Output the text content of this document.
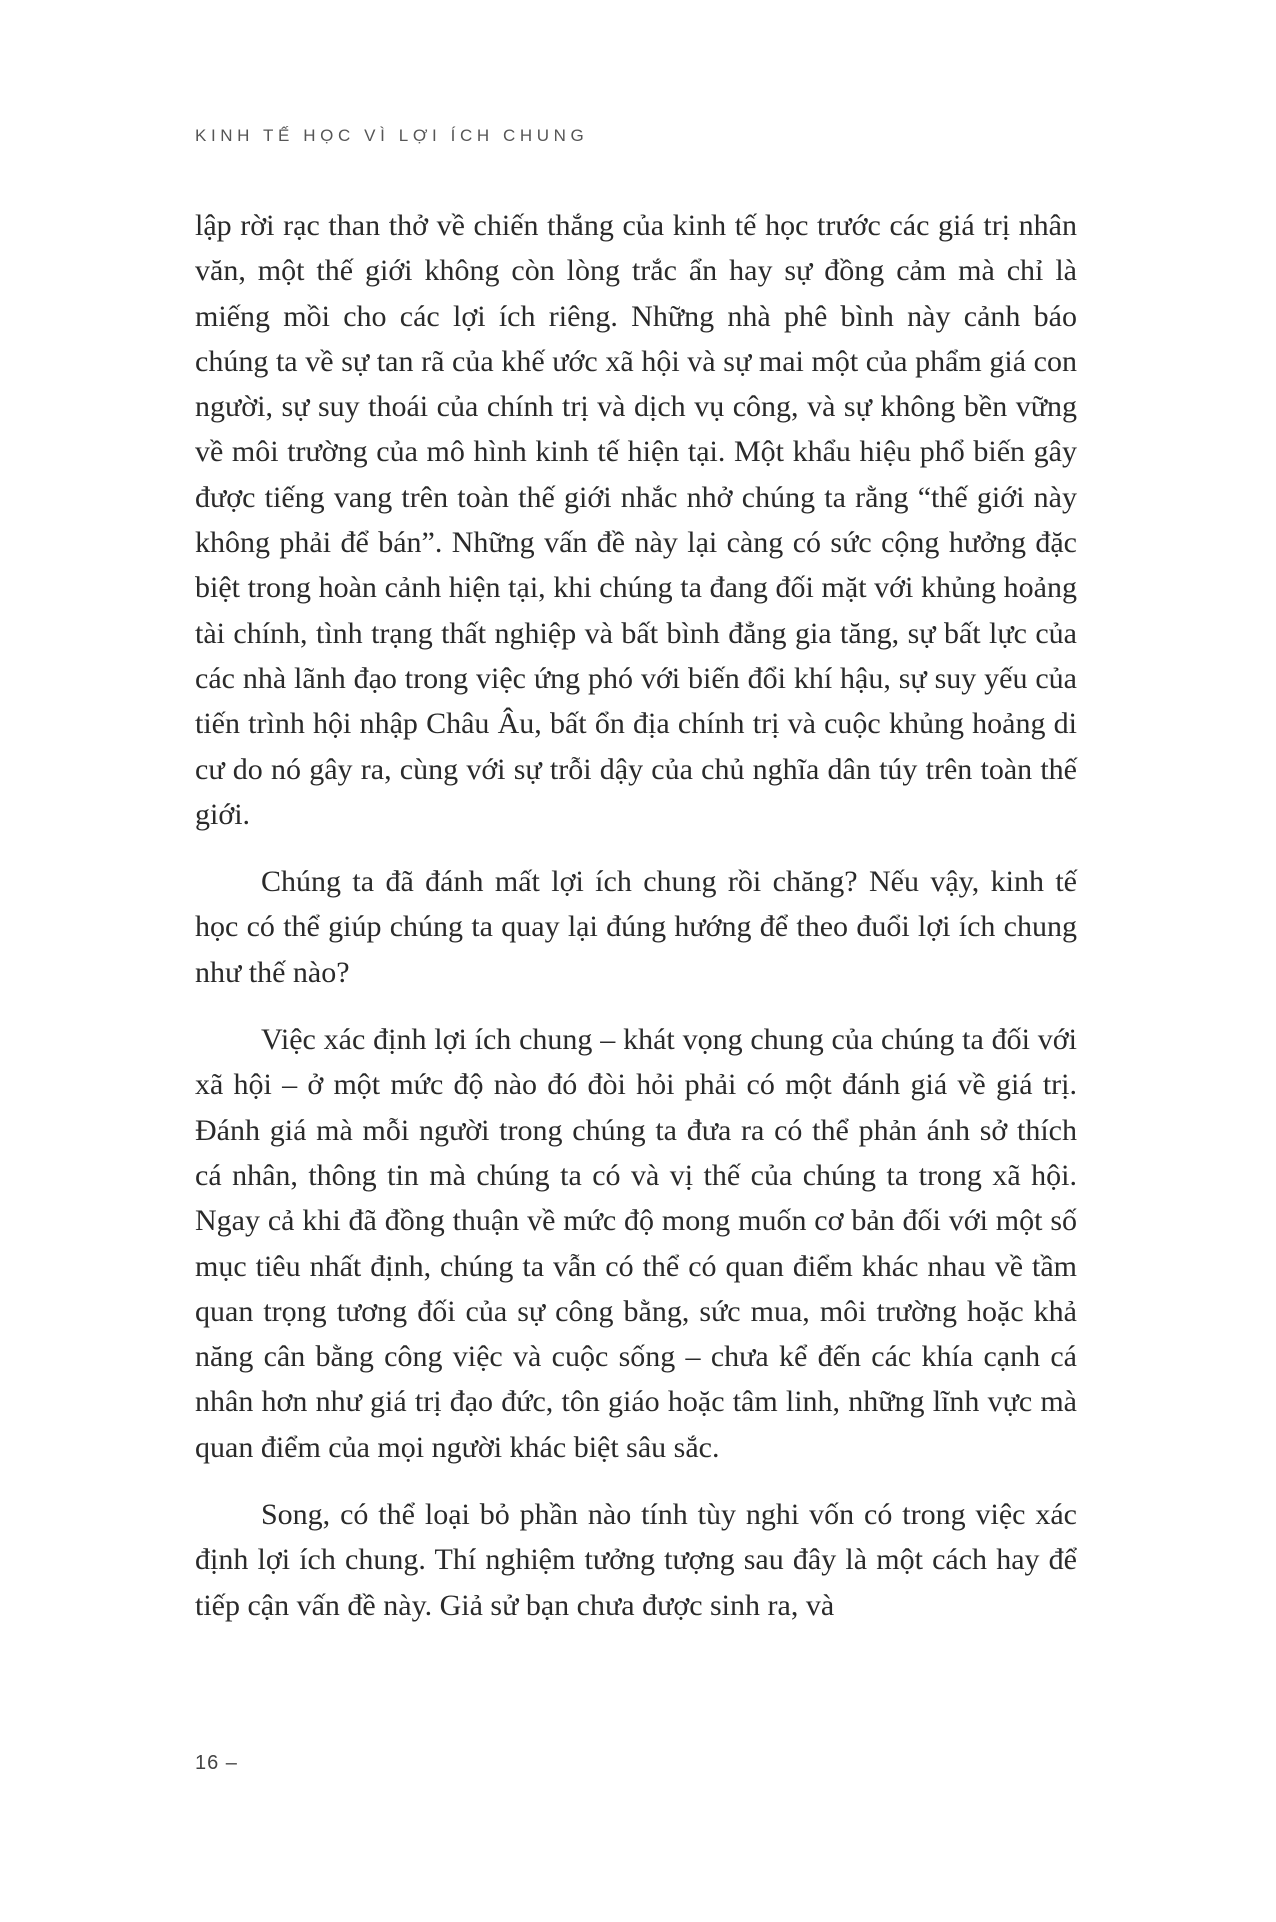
KINH TẾ HỌC VÌ LỢI ÍCH CHUNG

lập rời rạc than thở về chiến thắng của kinh tế học trước các giá trị nhân văn, một thế giới không còn lòng trắc ẩn hay sự đồng cảm mà chỉ là miếng mồi cho các lợi ích riêng. Những nhà phê bình này cảnh báo chúng ta về sự tan rã của khế ước xã hội và sự mai một của phẩm giá con người, sự suy thoái của chính trị và dịch vụ công, và sự không bền vững về môi trường của mô hình kinh tế hiện tại. Một khẩu hiệu phổ biến gây được tiếng vang trên toàn thế giới nhắc nhở chúng ta rằng “thế giới này không phải để bán”. Những vấn đề này lại càng có sức cộng hưởng đặc biệt trong hoàn cảnh hiện tại, khi chúng ta đang đối mặt với khủng hoảng tài chính, tình trạng thất nghiệp và bất bình đẳng gia tăng, sự bất lực của các nhà lãnh đạo trong việc ứng phó với biến đổi khí hậu, sự suy yếu của tiến trình hội nhập Châu Âu, bất ổn địa chính trị và cuộc khủng hoảng di cư do nó gây ra, cùng với sự trỗi dậy của chủ nghĩa dân túy trên toàn thế giới.

Chúng ta đã đánh mất lợi ích chung rồi chăng? Nếu vậy, kinh tế học có thể giúp chúng ta quay lại đúng hướng để theo đuổi lợi ích chung như thế nào?

Việc xác định lợi ích chung – khát vọng chung của chúng ta đối với xã hội – ở một mức độ nào đó đòi hỏi phải có một đánh giá về giá trị. Đánh giá mà mỗi người trong chúng ta đưa ra có thể phản ánh sở thích cá nhân, thông tin mà chúng ta có và vị thế của chúng ta trong xã hội. Ngay cả khi đã đồng thuận về mức độ mong muốn cơ bản đối với một số mục tiêu nhất định, chúng ta vẫn có thể có quan điểm khác nhau về tầm quan trọng tương đối của sự công bằng, sức mua, môi trường hoặc khả năng cân bằng công việc và cuộc sống – chưa kể đến các khía cạnh cá nhân hơn như giá trị đạo đức, tôn giáo hoặc tâm linh, những lĩnh vực mà quan điểm của mọi người khác biệt sâu sắc.

Song, có thể loại bỏ phần nào tính tùy nghi vốn có trong việc xác định lợi ích chung. Thí nghiệm tưởng tượng sau đây là một cách hay để tiếp cận vấn đề này. Giả sử bạn chưa được sinh ra, và

16 –
